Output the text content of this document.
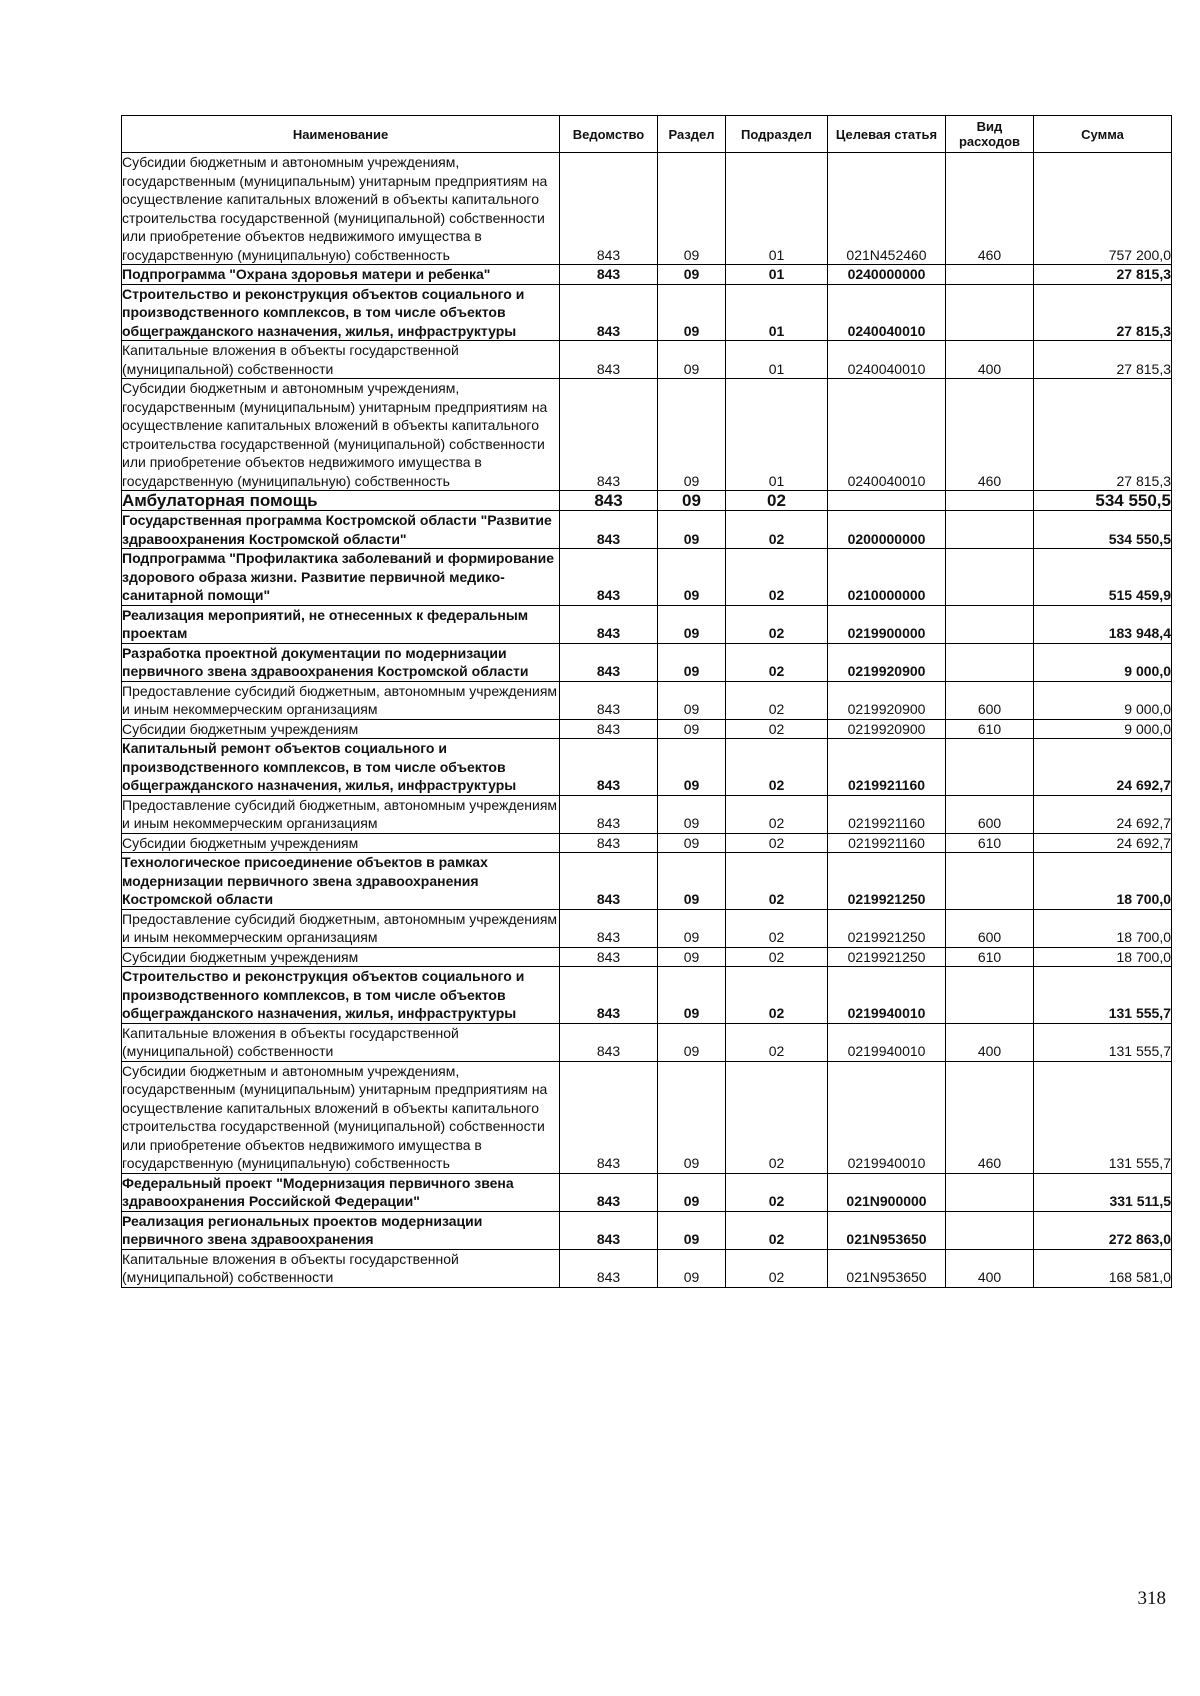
Наименование	Ведомство	Раздел	Подраздел	Целевая статья	Вид расходов	Сумма
Субсидии бюджетным и автономным учреждениям, государственным (муниципальным) унитарным предприятиям на осуществление капитальных вложений в объекты капитального строительства государственной (муниципальной) собственности или приобретение объектов недвижимого имущества в государственную (муниципальную) собственность	843	09	01	021N452460	460	757 200,0
Подпрограмма "Охрана здоровья матери и ребенка"	843	09	01	0240000000		27 815,3
Строительство и реконструкция объектов социального и производственного комплексов, в том числе объектов общегражданского назначения, жилья, инфраструктуры	843	09	01	0240040010		27 815,3
Капитальные вложения в объекты государственной (муниципальной) собственности	843	09	01	0240040010	400	27 815,3
Субсидии бюджетным и автономным учреждениям, государственным (муниципальным) унитарным предприятиям на осуществление капитальных вложений в объекты капитального строительства государственной (муниципальной) собственности или приобретение объектов недвижимого имущества в государственную (муниципальную) собственность	843	09	01	0240040010	460	27 815,3
Амбулаторная помощь	843	09	02			534 550,5
Государственная программа Костромской области "Развитие здравоохранения Костромской области"	843	09	02	0200000000		534 550,5
Подпрограмма "Профилактика заболеваний и формирование здорового образа жизни. Развитие первичной медико-санитарной помощи"	843	09	02	0210000000		515 459,9
Реализация мероприятий, не отнесенных к федеральным проектам	843	09	02	0219900000		183 948,4
Разработка проектной документации по модернизации первичного звена здравоохранения Костромской области	843	09	02	0219920900		9 000,0
Предоставление субсидий бюджетным, автономным учреждениям и иным некоммерческим организациям	843	09	02	0219920900	600	9 000,0
Субсидии бюджетным учреждениям	843	09	02	0219920900	610	9 000,0
Капитальный ремонт объектов социального и производственного комплексов, в том числе объектов общегражданского назначения, жилья, инфраструктуры	843	09	02	0219921160		24 692,7
Предоставление субсидий бюджетным, автономным учреждениям и иным некоммерческим организациям	843	09	02	0219921160	600	24 692,7
Субсидии бюджетным учреждениям	843	09	02	0219921160	610	24 692,7
Технологическое присоединение объектов в рамках модернизации первичного звена здравоохранения Костромской области	843	09	02	0219921250		18 700,0
Предоставление субсидий бюджетным, автономным учреждениям и иным некоммерческим организациям	843	09	02	0219921250	600	18 700,0
Субсидии бюджетным учреждениям	843	09	02	0219921250	610	18 700,0
Строительство и реконструкция объектов социального и производственного комплексов, в том числе объектов общегражданского назначения, жилья, инфраструктуры	843	09	02	0219940010		131 555,7
Капитальные вложения в объекты государственной (муниципальной) собственности	843	09	02	0219940010	400	131 555,7
Субсидии бюджетным и автономным учреждениям, государственным (муниципальным) унитарным предприятиям на осуществление капитальных вложений в объекты капитального строительства государственной (муниципальной) собственности или приобретение объектов недвижимого имущества в государственную (муниципальную) собственность	843	09	02	0219940010	460	131 555,7
Федеральный проект "Модернизация первичного звена здравоохранения Российской Федерации"	843	09	02	021N900000		331 511,5
Реализация региональных проектов модернизации первичного звена здравоохранения	843	09	02	021N953650		272 863,0
Капитальные вложения в объекты государственной (муниципальной) собственности	843	09	02	021N953650	400	168 581,0
318
